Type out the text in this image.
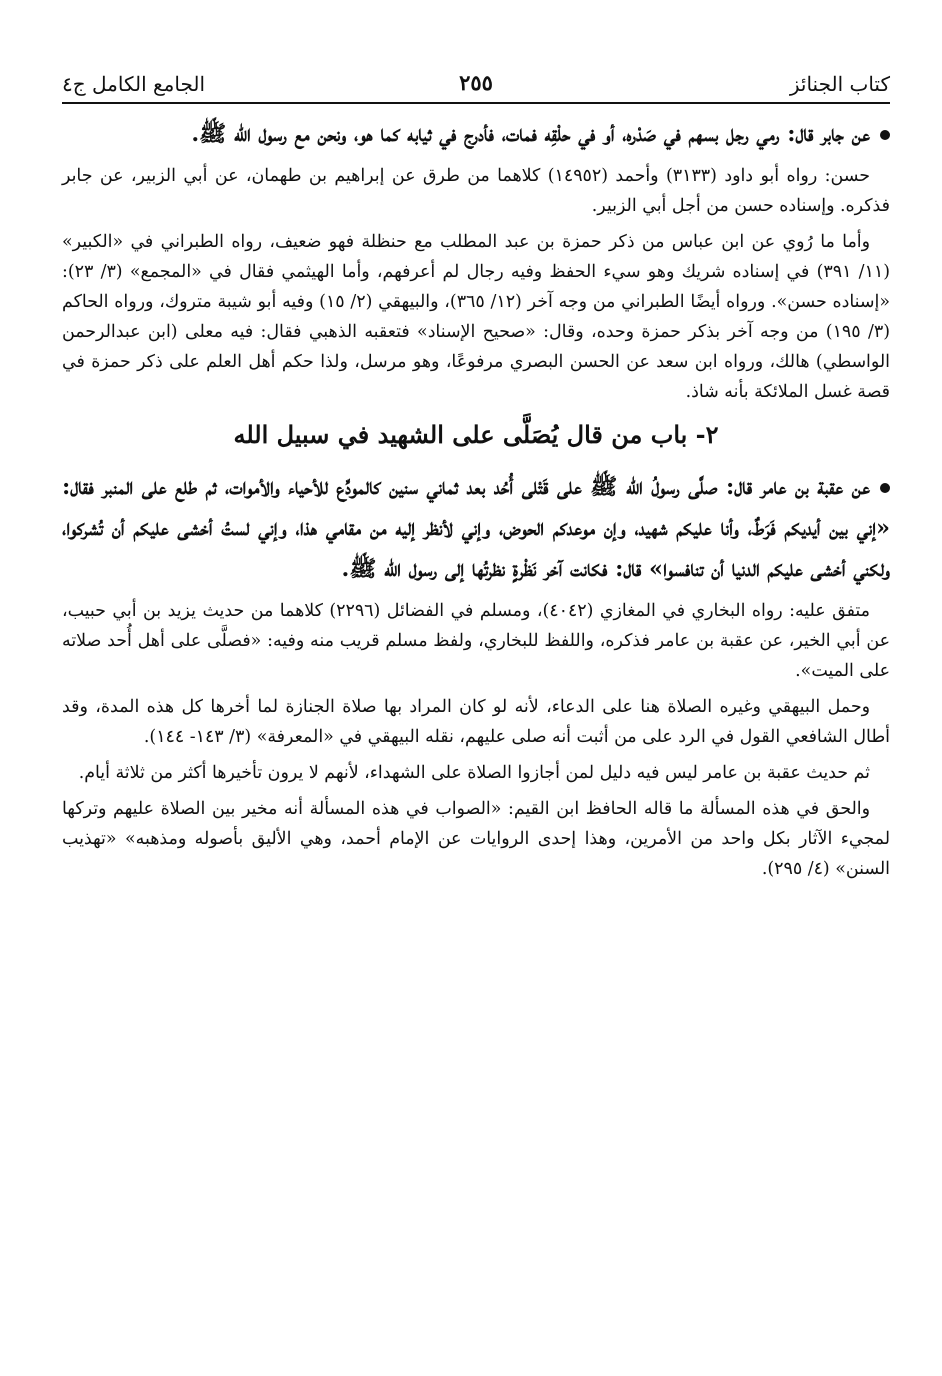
كتاب الجنائز
٢٥٥
الجامع الكامل ج٤

عن جابر قال: رمي رجل بسهم في صَدْره، أو في حلْقِه فمات، فأدرج في ثيابه كما هو، ونحن مع رسول الله ﷺ.

حسن: رواه أبو داود (٣١٣٣) وأحمد (١٤٩٥٢) كلاهما من طرق عن إبراهيم بن طهمان، عن أبي الزبير، عن جابر فذكره. وإسناده حسن من أجل أبي الزبير.

وأما ما رُوي عن ابن عباس من ذكر حمزة بن عبد المطلب مع حنظلة فهو ضعيف، رواه الطبراني في «الكبير» (١١/ ٣٩١) في إسناده شريك وهو سيء الحفظ وفيه رجال لم أعرفهم، وأما الهيثمي فقال في «المجمع» (٣/ ٢٣): «إسناده حسن». ورواه أيضًا الطبراني من وجه آخر (١٢/ ٣٦٥)، والبيهقي (٢/ ١٥) وفيه أبو شيبة متروك، ورواه الحاكم (٣/ ١٩٥) من وجه آخر بذكر حمزة وحده، وقال: «صحيح الإسناد» فتعقبه الذهبي فقال: فيه معلى (ابن عبدالرحمن الواسطي) هالك، ورواه ابن سعد عن الحسن البصري مرفوعًا، وهو مرسل، ولذا حكم أهل العلم على ذكر حمزة في قصة غسل الملائكة بأنه شاذ.

٢- باب من قال يُصَلَّى على الشهيد في سبيل الله

عن عقبة بن عامر قال: صلَّى رسولُ الله ﷺ على قَتْلى أُحُد بعد ثماني سنين كالمودِّع للأحياء والأموات، ثم طلع على المنبر فقال: «إني بين أيديكم فَرَطٌ، وأنا عليكم شهيد، وإن موعدكم الحوض، وإني لأنظر إليه من مقامي هذا، وإني لستُ أخشى عليكم أن تُشركوا، ولكني أخشى عليكم الدنيا أن تنافسوا» قال: فكانت آخر نَظْرةٍ نظرتُها إلى رسول الله ﷺ.

متفق عليه: رواه البخاري في المغازي (٤٠٤٢)، ومسلم في الفضائل (٢٢٩٦) كلاهما من حديث يزيد بن أبي حبيب، عن أبي الخير، عن عقبة بن عامر فذكره، واللفظ للبخاري، ولفظ مسلم قريب منه وفيه: «فصلَّى على أهل أُحد صلاته على الميت».

وحمل البيهقي وغيره الصلاة هنا على الدعاء، لأنه لو كان المراد بها صلاة الجنازة لما أخرها كل هذه المدة، وقد أطال الشافعي القول في الرد على من أثبت أنه صلى عليهم، نقله البيهقي في «المعرفة» (٣/ ١٤٣- ١٤٤).

ثم حديث عقبة بن عامر ليس فيه دليل لمن أجازوا الصلاة على الشهداء، لأنهم لا يرون تأخيرها أكثر من ثلاثة أيام.

والحق في هذه المسألة ما قاله الحافظ ابن القيم: «الصواب في هذه المسألة أنه مخير بين الصلاة عليهم وتركها لمجيء الآثار بكل واحد من الأمرين، وهذا إحدى الروايات عن الإمام أحمد، وهي الأليق بأصوله ومذهبه» «تهذيب السنن» (٤/ ٢٩٥).
